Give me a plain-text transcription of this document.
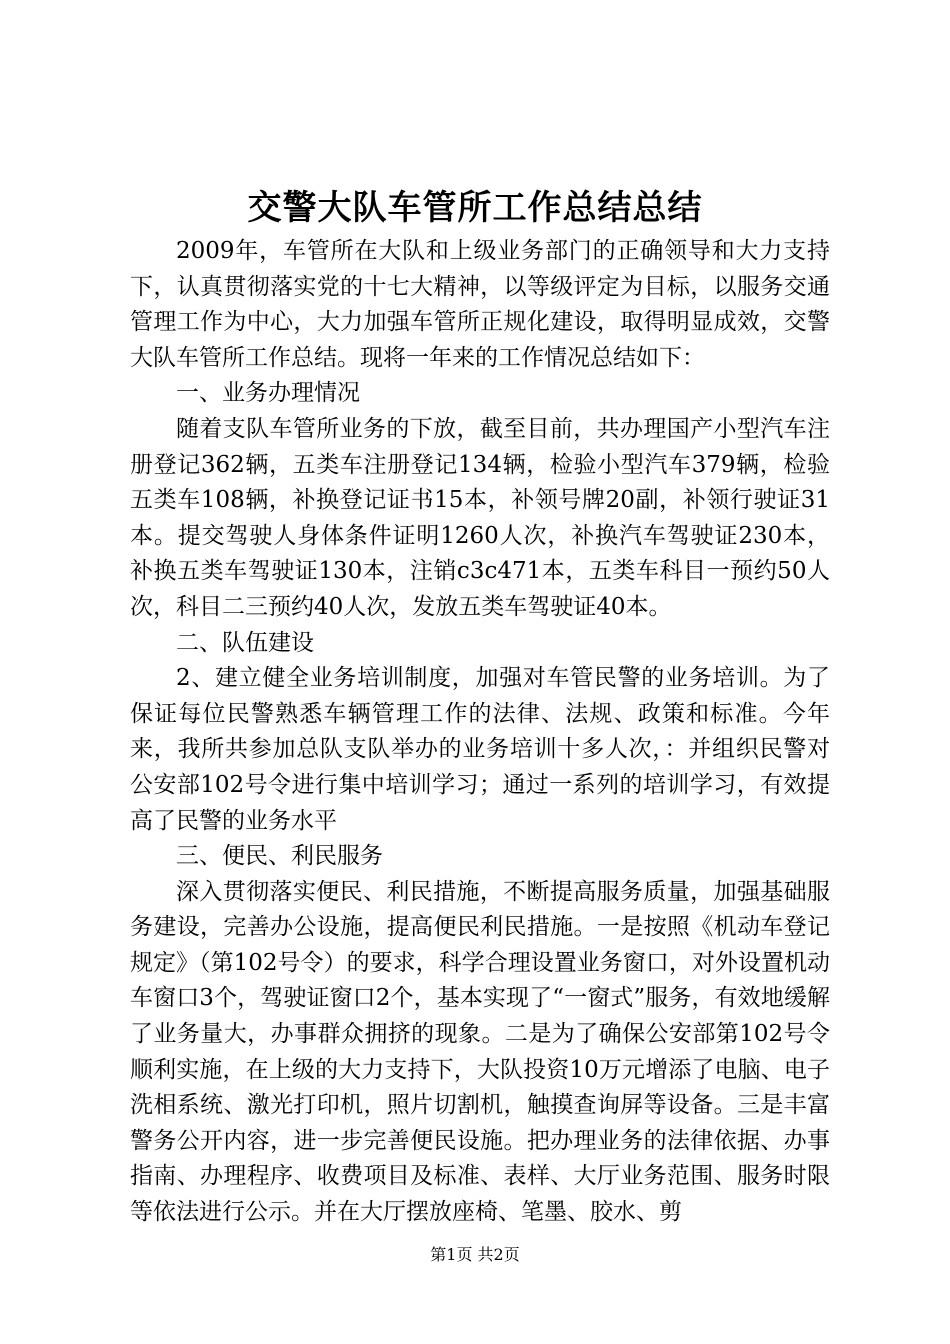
交警大队车管所工作总结总结

2009年，车管所在大队和上级业务部门的正确领导和大力支持下，认真贯彻落实党的十七大精神，以等级评定为目标，以服务交通管理工作为中心，大力加强车管所正规化建设，取得明显成效，交警大队车管所工作总结。现将一年来的工作情况总结如下：

一、业务办理情况

随着支队车管所业务的下放，截至目前，共办理国产小型汽车注册登记362辆，五类车注册登记134辆，检验小型汽车379辆，检验五类车108辆，补换登记证书15本，补领号牌20副，补领行驶证31本。提交驾驶人身体条件证明1260人次，补换汽车驾驶证230本，补换五类车驾驶证130本，注销c3c471本，五类车科目一预约50人次，科目二三预约40人次，发放五类车驾驶证40本。

二、队伍建设

2、建立健全业务培训制度，加强对车管民警的业务培训。为了保证每位民警熟悉车辆管理工作的法律、法规、政策和标准。今年来，我所共参加总队支队举办的业务培训十多人次，：并组织民警对公安部102号令进行集中培训学习；通过一系列的培训学习，有效提高了民警的业务水平

三、便民、利民服务

深入贯彻落实便民、利民措施，不断提高服务质量，加强基础服务建设，完善办公设施，提高便民利民措施。一是按照《机动车登记规定》（第102号令）的要求，科学合理设置业务窗口，对外设置机动车窗口3个，驾驶证窗口2个，基本实现了“一窗式”服务，有效地缓解了业务量大，办事群众拥挤的现象。二是为了确保公安部第102号令顺利实施，在上级的大力支持下，大队投资10万元增添了电脑、电子洗相系统、激光打印机，照片切割机，触摸查询屏等设备。三是丰富警务公开内容，进一步完善便民设施。把办理业务的法律依据、办事指南、办理程序、收费项目及标准、表样、大厅业务范围、服务时限等依法进行公示。并在大厅摆放座椅、笔墨、胶水、剪

第1页 共2页
